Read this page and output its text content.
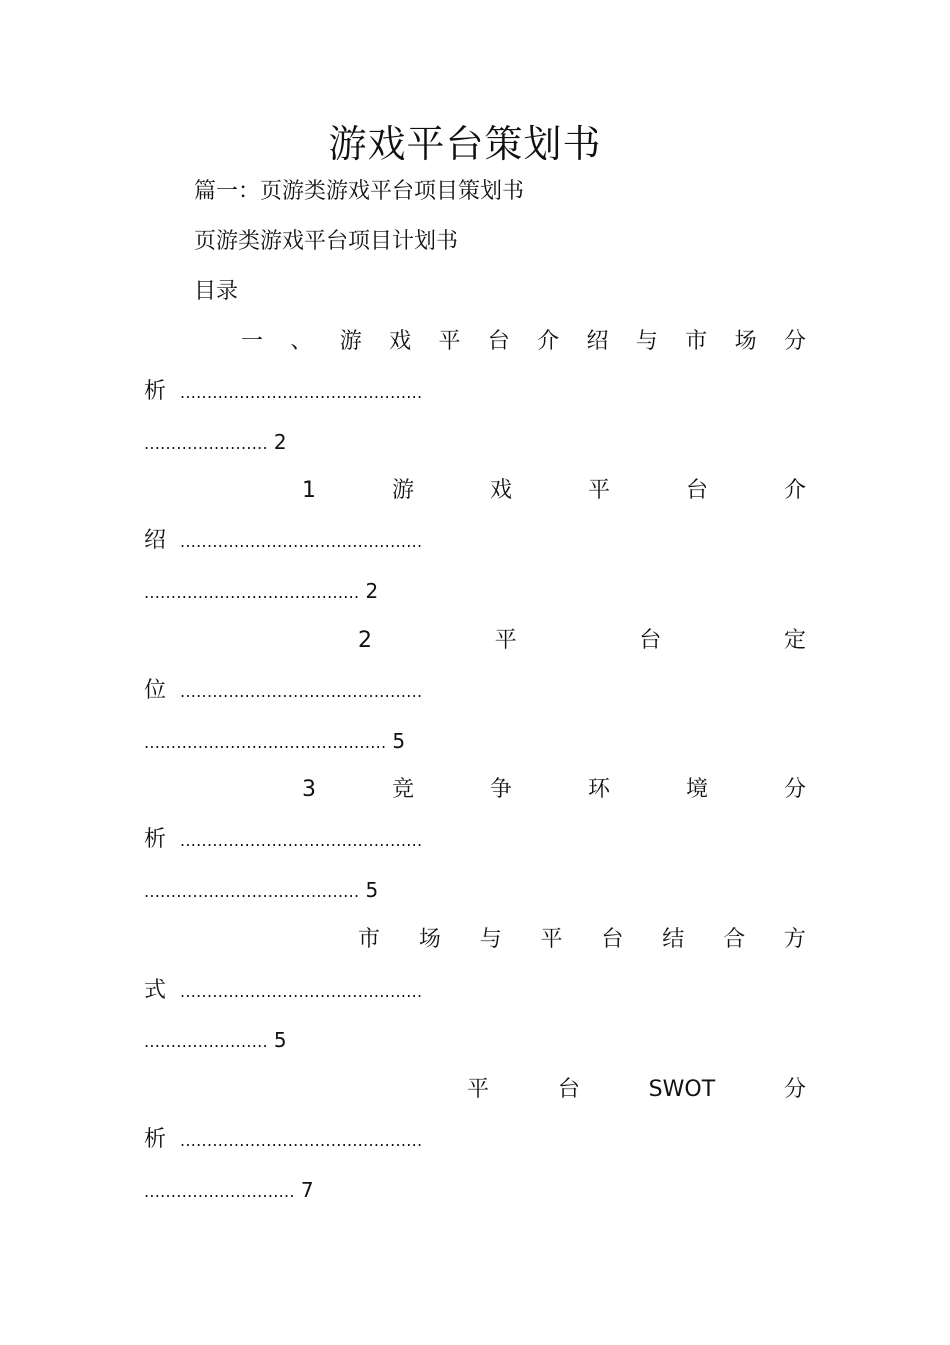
游戏平台策划书
篇一：页游类游戏平台项目策划书
页游类游戏平台项目计划书
目录
一 、 游 戏 平 台 介 绍 与 市 场 分
析 .............................................
....................... 2
1	游	戏	平	台	介
绍 .............................................
........................................ 2
2	平	台	定
位 .............................................
............................................. 5
3	竞	争	环	境	分
析 .............................................
........................................ 5
市 场 与 平 台 结 合 方
式 .............................................
....................... 5
平	台	SWOT	分
析 .............................................
............................ 7
